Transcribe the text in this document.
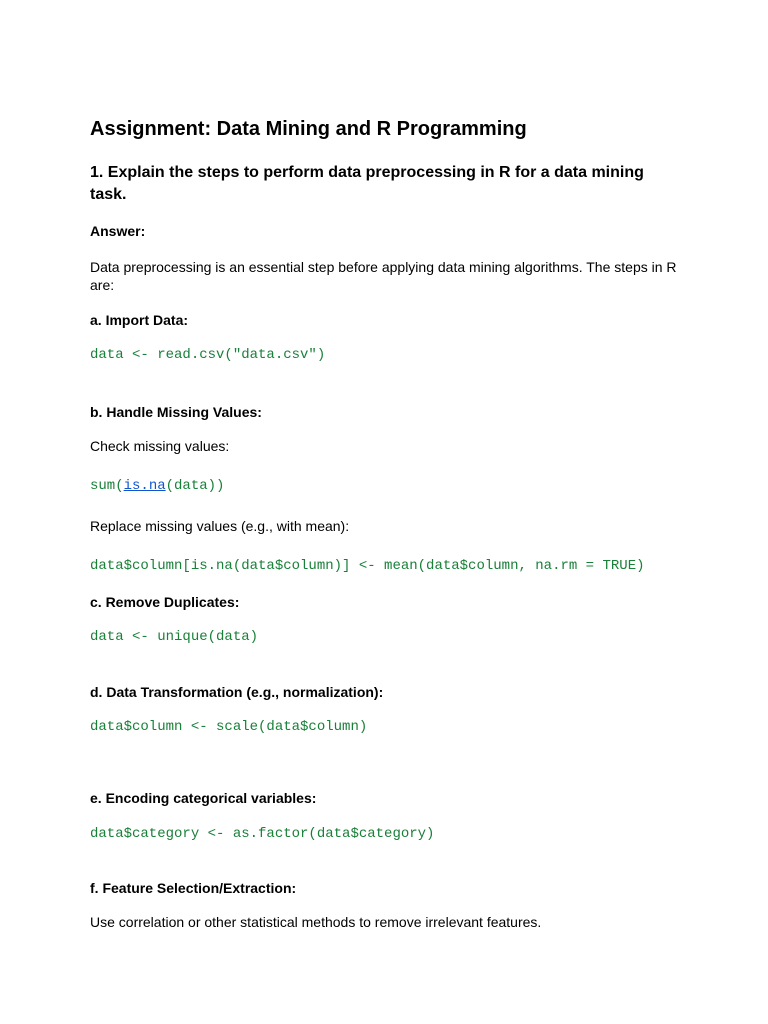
Assignment: Data Mining and R Programming
1. Explain the steps to perform data preprocessing in R for a data mining task.
Answer:

Data preprocessing is an essential step before applying data mining algorithms. The steps in R are:

a. Import Data:
data <- read.csv("data.csv")
b. Handle Missing Values:

Check missing values:

sum(is.na(data))

Replace missing values (e.g., with mean):

data$column[is.na(data$column)] <- mean(data$column, na.rm = TRUE)
c. Remove Duplicates:
data <- unique(data)
d. Data Transformation (e.g., normalization):
data$column <- scale(data$column)
e. Encoding categorical variables:
data$category <- as.factor(data$category)
f. Feature Selection/Extraction:

Use correlation or other statistical methods to remove irrelevant features.
